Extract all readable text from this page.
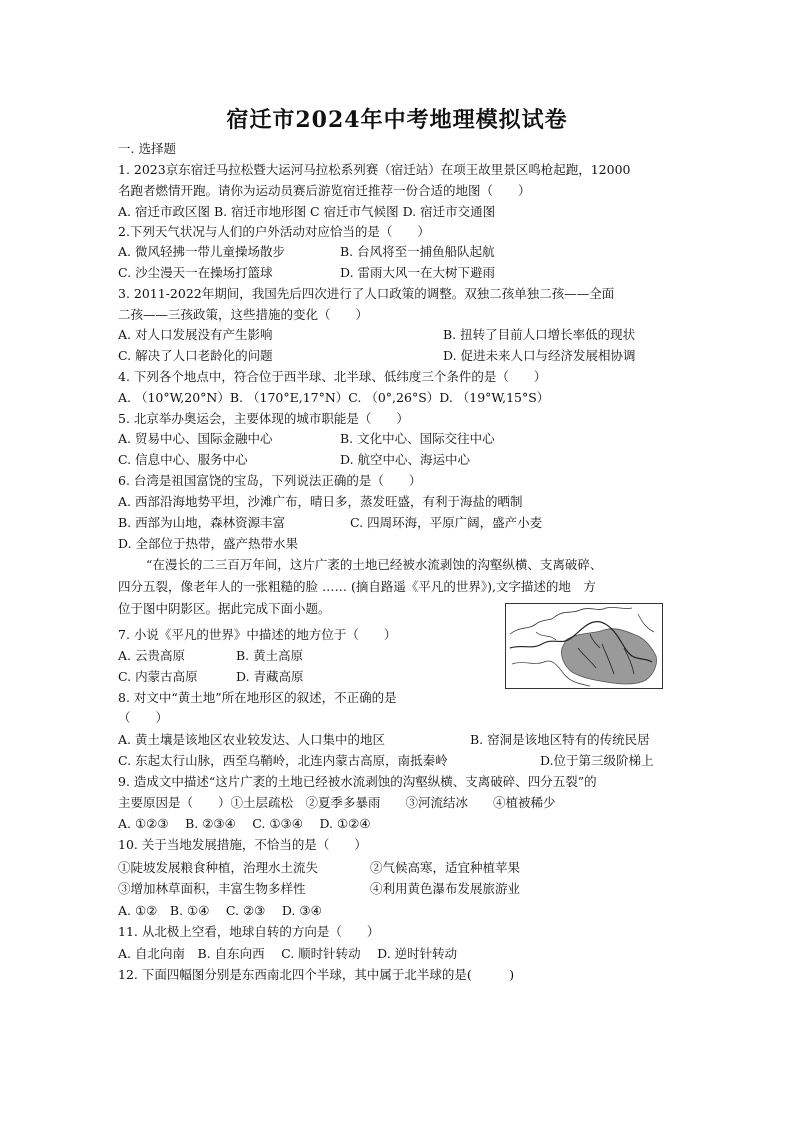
宿迁市2024年中考地理模拟试卷
一. 选择题
1. 2023京东宿迁马拉松暨大运河马拉松系列赛（宿迁站）在项王故里景区鸣枪起跑，12000
名跑者燃情开跑。请你为运动员赛后游览宿迁推荐一份合适的地图（　　）
A. 宿迁市政区图 B. 宿迁市地形图 C 宿迁市气候图 D. 宿迁市交通图
2.下列天气状况与人们的户外活动对应恰当的是（　　）
A. 微风轻拂一带儿童操场散步	B. 台风将至一捕鱼船队起航
C. 沙尘漫天一在操场打篮球	D. 雷雨大风一在大树下避雨
3. 2011-2022年期间，我国先后四次进行了人口政策的调整。双独二孩单独二孩——全面
二孩——三孩政策，这些措施的变化（　　）
A. 对人口发展没有产生影响	B. 扭转了目前人口增长率低的现状
C. 解决了人口老龄化的问题	D. 促进未来人口与经济发展相协调
4. 下列各个地点中，符合位于西半球、北半球、低纬度三个条件的是（　　）
A. （10°W,20°N）B. （170°E,17°N）C. （0°,26°S）D. （19°W,15°S）
5. 北京举办奥运会，主要体现的城市职能是（　　）
A. 贸易中心、国际金融中心	B. 文化中心、国际交往中心
C. 信息中心、服务中心	D. 航空中心、海运中心
6. 台湾是祖国富饶的宝岛，下列说法正确的是（　　）
A. 西部沿海地势平坦，沙滩广布，晴日多，蒸发旺盛，有利于海盐的晒制
B. 西部为山地，森林资源丰富	C. 四周环海，平原广阔，盛产小麦
D. 全部位于热带，盛产热带水果
“在漫长的二三百万年间，这片广袤的土地已经被水流剥蚀的沟壑纵横、支离破碎、
四分五裂，像老年人的一张粗糙的脸 …… (摘自路遥《平凡的世界》),文字描述的地　方
位于图中阴影区。据此完成下面小题。
7. 小说《平凡的世界》中描述的地方位于（　　）
A. 云贵高原	B. 黄土高原
C. 内蒙古高原	D. 青藏高原
8. 对文中“黄土地”所在地形区的叙述，不正确的是
（　　）
A. 黄土壤是该地区农业较发达、人口集中的地区	B. 窑洞是该地区特有的传统民居
C. 东起太行山脉，西至乌鞘岭，北连内蒙古高原，南抵秦岭	D.位于第三级阶梯上
9. 造成文中描述“这片广袤的土地已经被水流剥蚀的沟壑纵横、支离破碎、四分五裂”的
主要原因是（　　）①土层疏松　②夏季多暴雨　　③河流结冰　　④植被稀少
A. ①②③　 B. ②③④　 C. ①③④　 D. ①②④
10. 关于当地发展措施，不恰当的是（　　）
①陡坡发展粮食种植，治理水土流失	②气候高寒，适宜种植苹果
③增加林草面积，丰富生物多样性	④利用黄色瀑布发展旅游业
A. ①②　B. ①④　 C. ②③　 D. ③④
11. 从北极上空看，地球自转的方向是（　　）
A. 自北向南　B. 自东向西　 C. 顺时针转动　 D. 逆时针转动
12. 下面四幅图分别是东西南北四个半球，其中属于北半球的是(　　　)
